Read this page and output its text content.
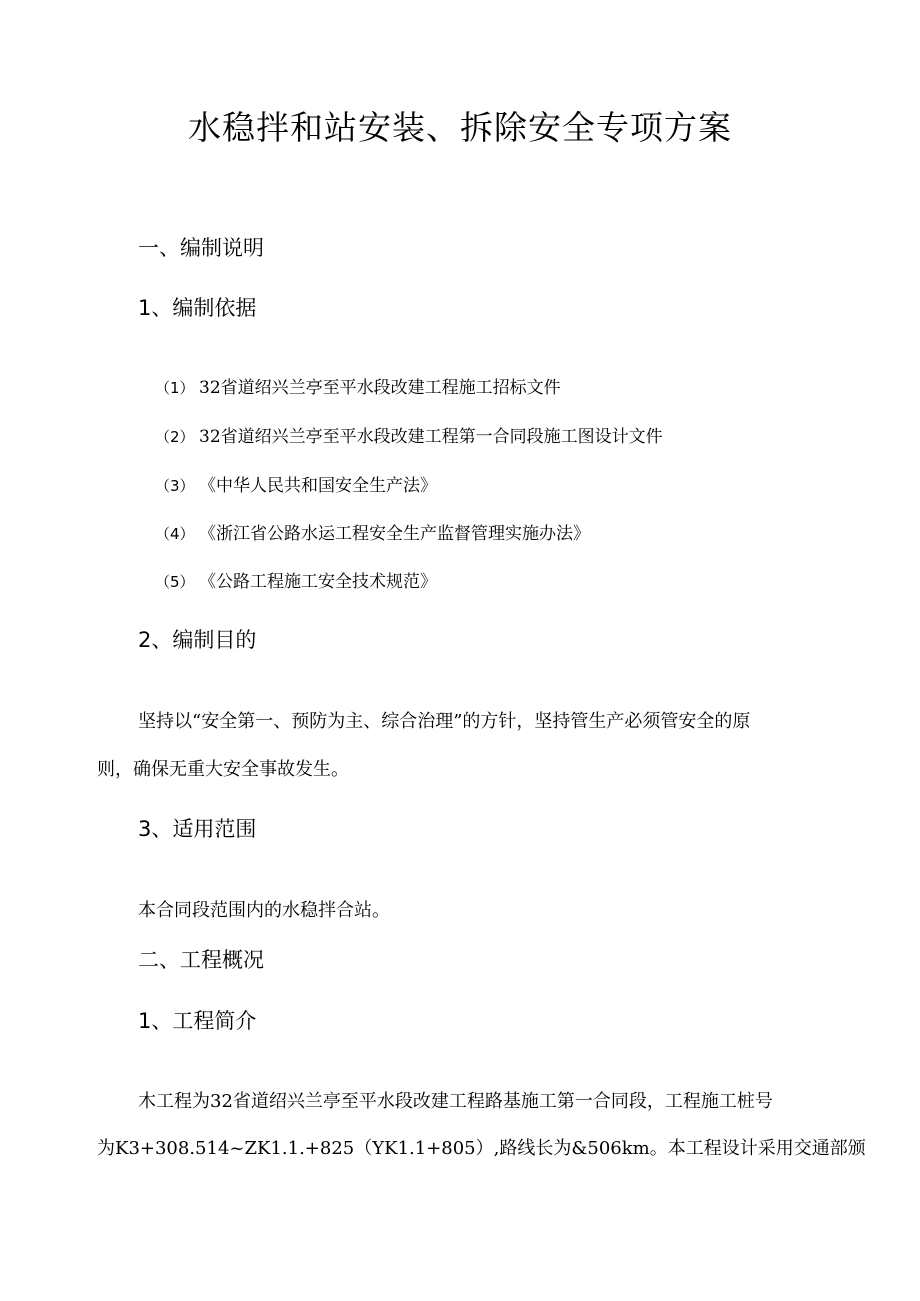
水稳拌和站安装、拆除安全专项方案
一、编制说明
1、编制依据
（1） 32省道绍兴兰亭至平水段改建工程施工招标文件
（2） 32省道绍兴兰亭至平水段改建工程第一合同段施工图设计文件
（3） 《中华人民共和国安全生产法》
（4） 《浙江省公路水运工程安全生产监督管理实施办法》
（5） 《公路工程施工安全技术规范》
2、编制目的
坚持以“安全第一、预防为主、综合治理”的方针，坚持管生产必须管安全的原
则，确保无重大安全事故发生。
3、适用范围
本合同段范围内的水稳拌合站。
二、工程概况
1、工程简介
木工程为32省道绍兴兰亭至平水段改建工程路基施工第一合同段，工程施工桩号
为K3+308.514~ZK1.1.+825（YK1.1+805）,路线长为&506km。本工程设计采用交通部颁
